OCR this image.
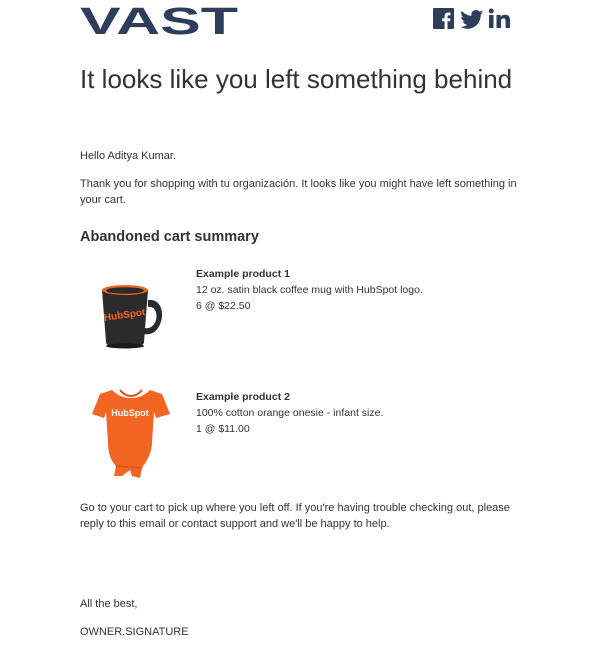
VAST
It looks like you left something behind

Hello Aditya Kumar.

Thank you for shopping with tu organización. It looks like you might have left something in your cart.

Abandoned cart summary
HubSpot
Example product 1
12 oz. satin black coffee mug with HubSpot logo.
6 @ $22.50
HubSpot
Example product 2
100% cotton orange onesie - infant size.
1 @ $11.00

Go to your cart to pick up where you left off. If you're having trouble checking out, please reply to this email or contact support and we'll be happy to help.

All the best,

OWNER.SIGNATURE
